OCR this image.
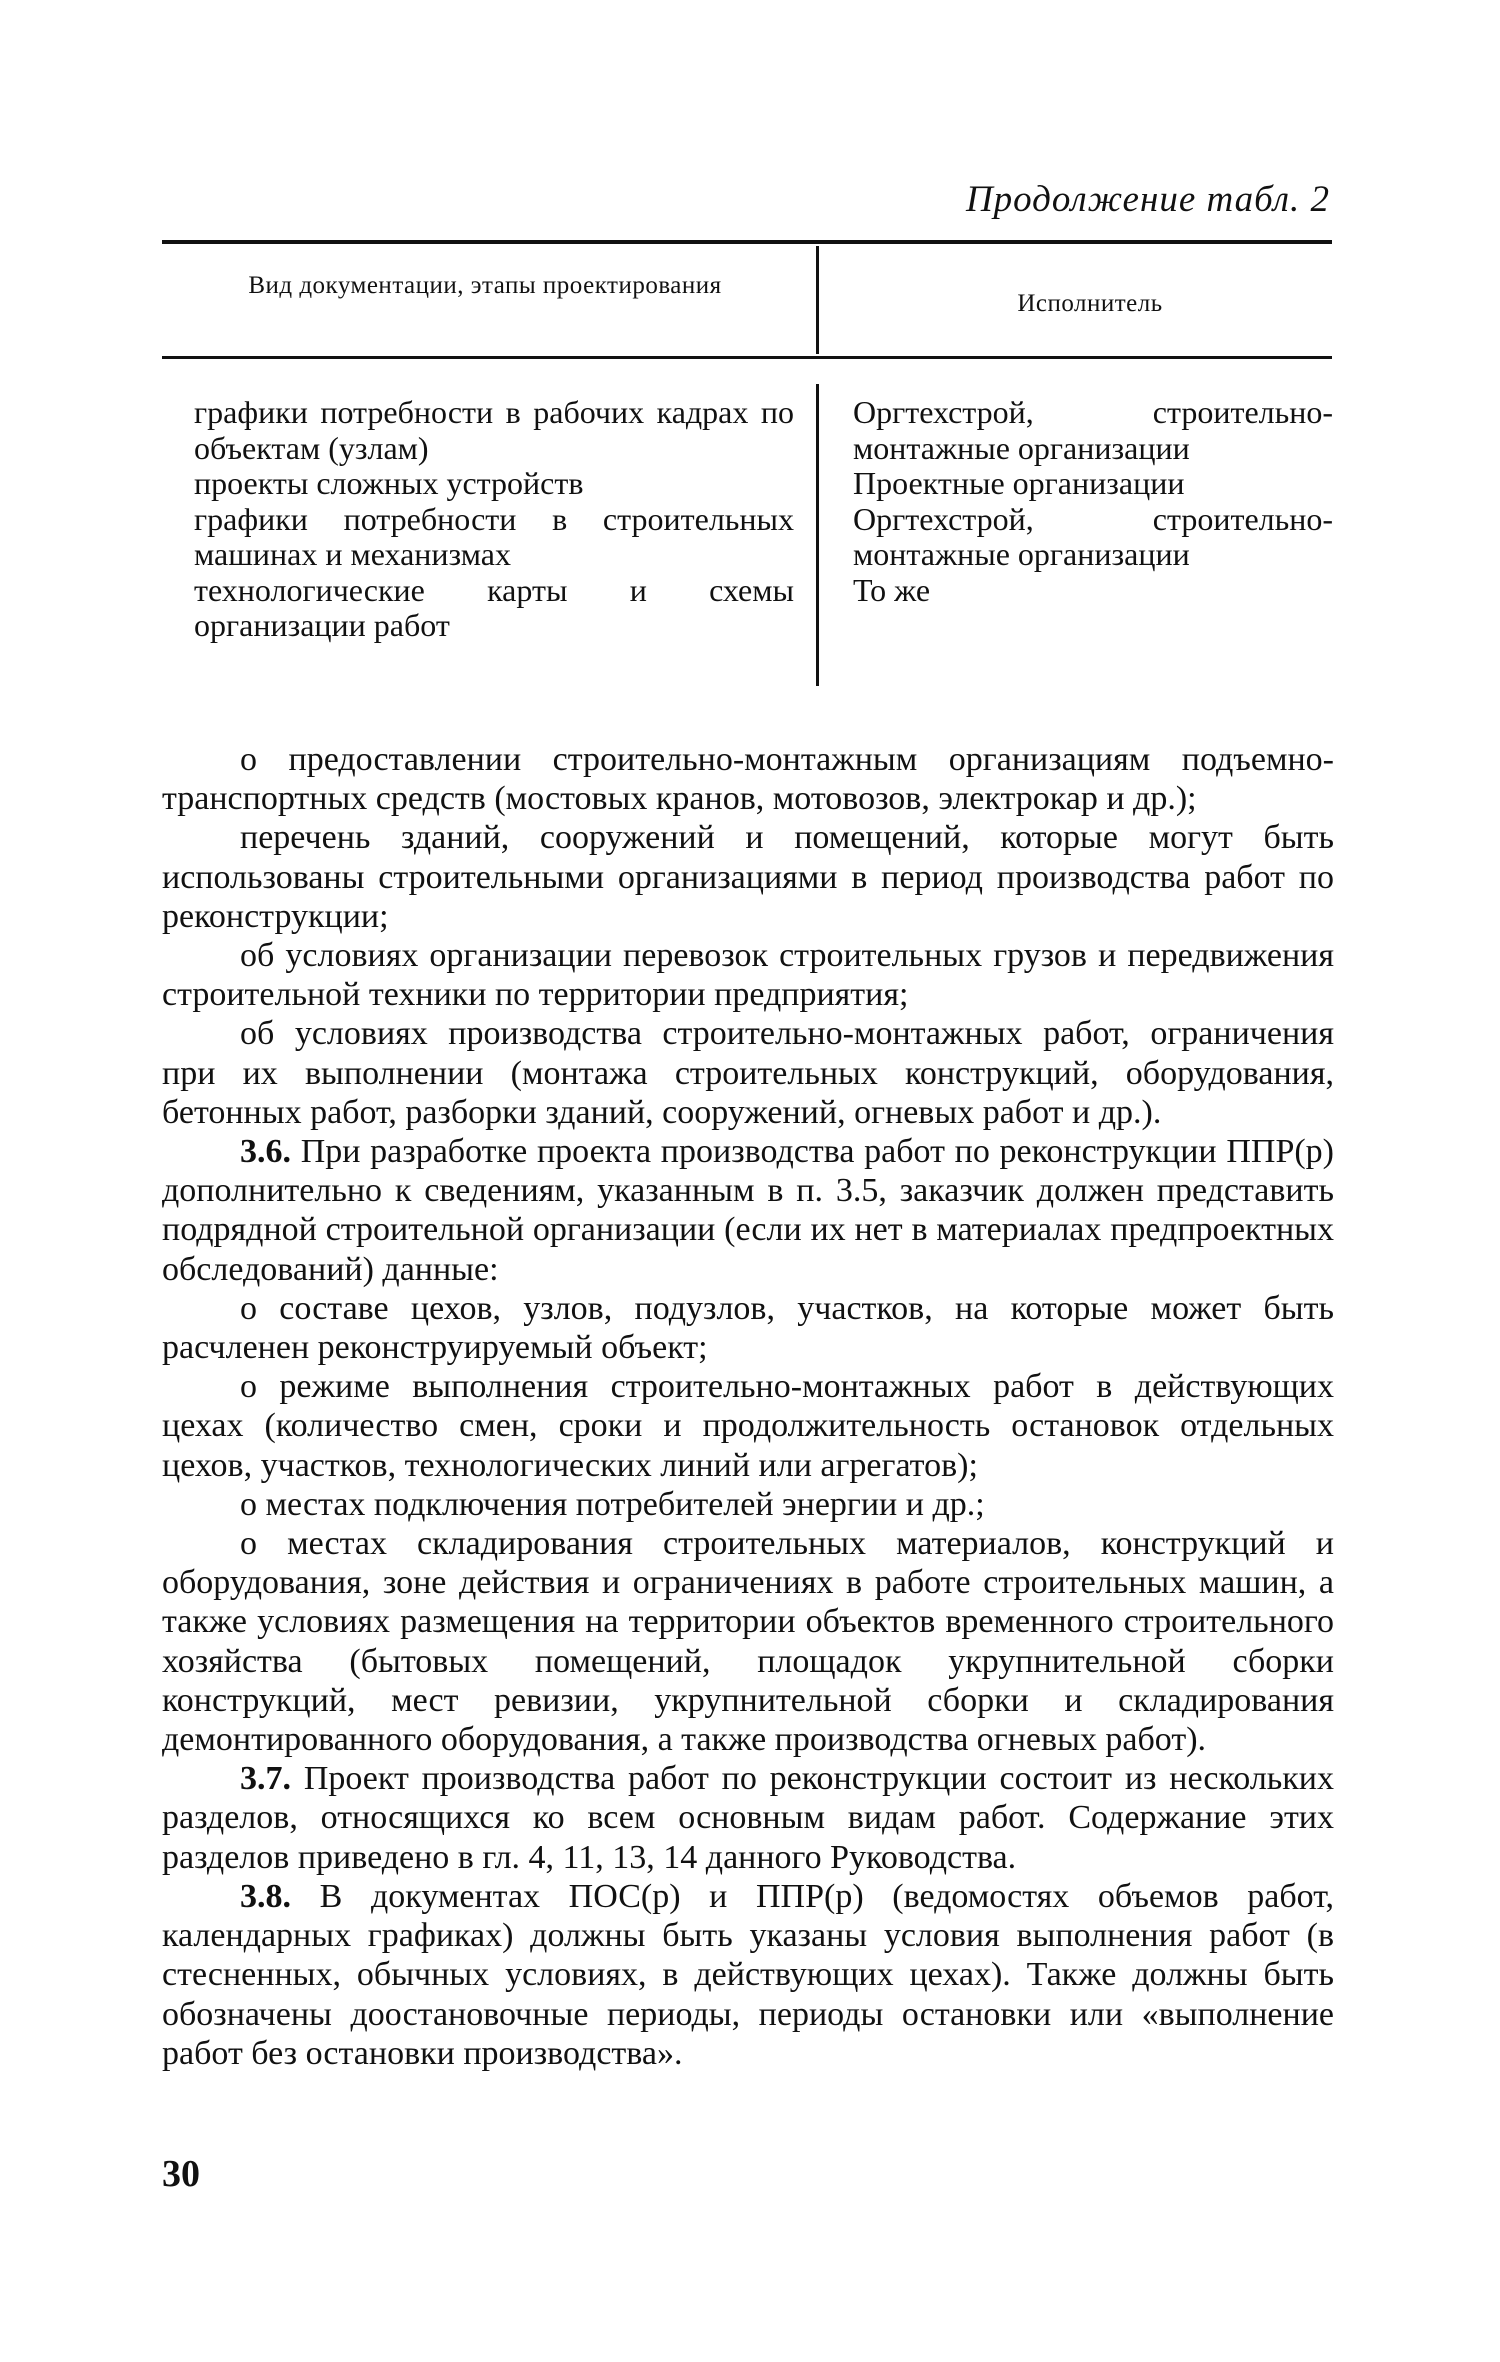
Продолжение табл. 2
Вид документации, этапы проектирования
Исполнитель

графики потребности в рабочих кадрах по объектам (узлам)

проекты сложных устройств

графики потребности в строительных машинах и механизмах

технологические карты и схемы организации работ

Оргтехстрой, строительно-монтажные организации

Проектные организации

Оргтехстрой, строительно-монтажные организации

То же

о предоставлении строительно-монтажным организациям подъемно-транспортных средств (мостовых кранов, мотовозов, электрокар и др.);

перечень зданий, сооружений и помещений, которые могут быть использованы строительными организациями в период производства работ по реконструкции;

об условиях организации перевозок строительных грузов и передвижения строительной техники по территории предприятия;

об условиях производства строительно-монтажных работ, ограничения при их выполнении (монтажа строительных конструкций, оборудования, бетонных работ, разборки зданий, сооружений, огневых работ и др.).

3.6. При разработке проекта производства работ по реконструкции ППР(р) дополнительно к сведениям, указанным в п. 3.5, заказчик должен представить подрядной строительной организации (если их нет в материалах предпроектных обследований) данные:

о составе цехов, узлов, подузлов, участков, на которые может быть расчленен реконструируемый объект;

о режиме выполнения строительно-монтажных работ в действующих цехах (количество смен, сроки и продолжительность остановок отдельных цехов, участков, технологических линий или агрегатов);

о местах подключения потребителей энергии и др.;

о местах складирования строительных материалов, конструкций и оборудования, зоне действия и ограничениях в работе строительных машин, а также условиях размещения на территории объектов временного строительного хозяйства (бытовых помещений, площадок укрупнительной сборки конструкций, мест ревизии, укрупнительной сборки и складирования демонтированного оборудования, а также производства огневых работ).

3.7. Проект производства работ по реконструкции состоит из нескольких разделов, относящихся ко всем основным видам работ. Содержание этих разделов приведено в гл. 4, 11, 13, 14 данного Руководства.

3.8. В документах ПОС(р) и ППР(р) (ведомостях объемов работ, календарных графиках) должны быть указаны условия выполнения работ (в стесненных, обычных условиях, в действующих цехах). Также должны быть обозначены доостановочные периоды, периоды остановки или «выполнение работ без остановки производства».

30
